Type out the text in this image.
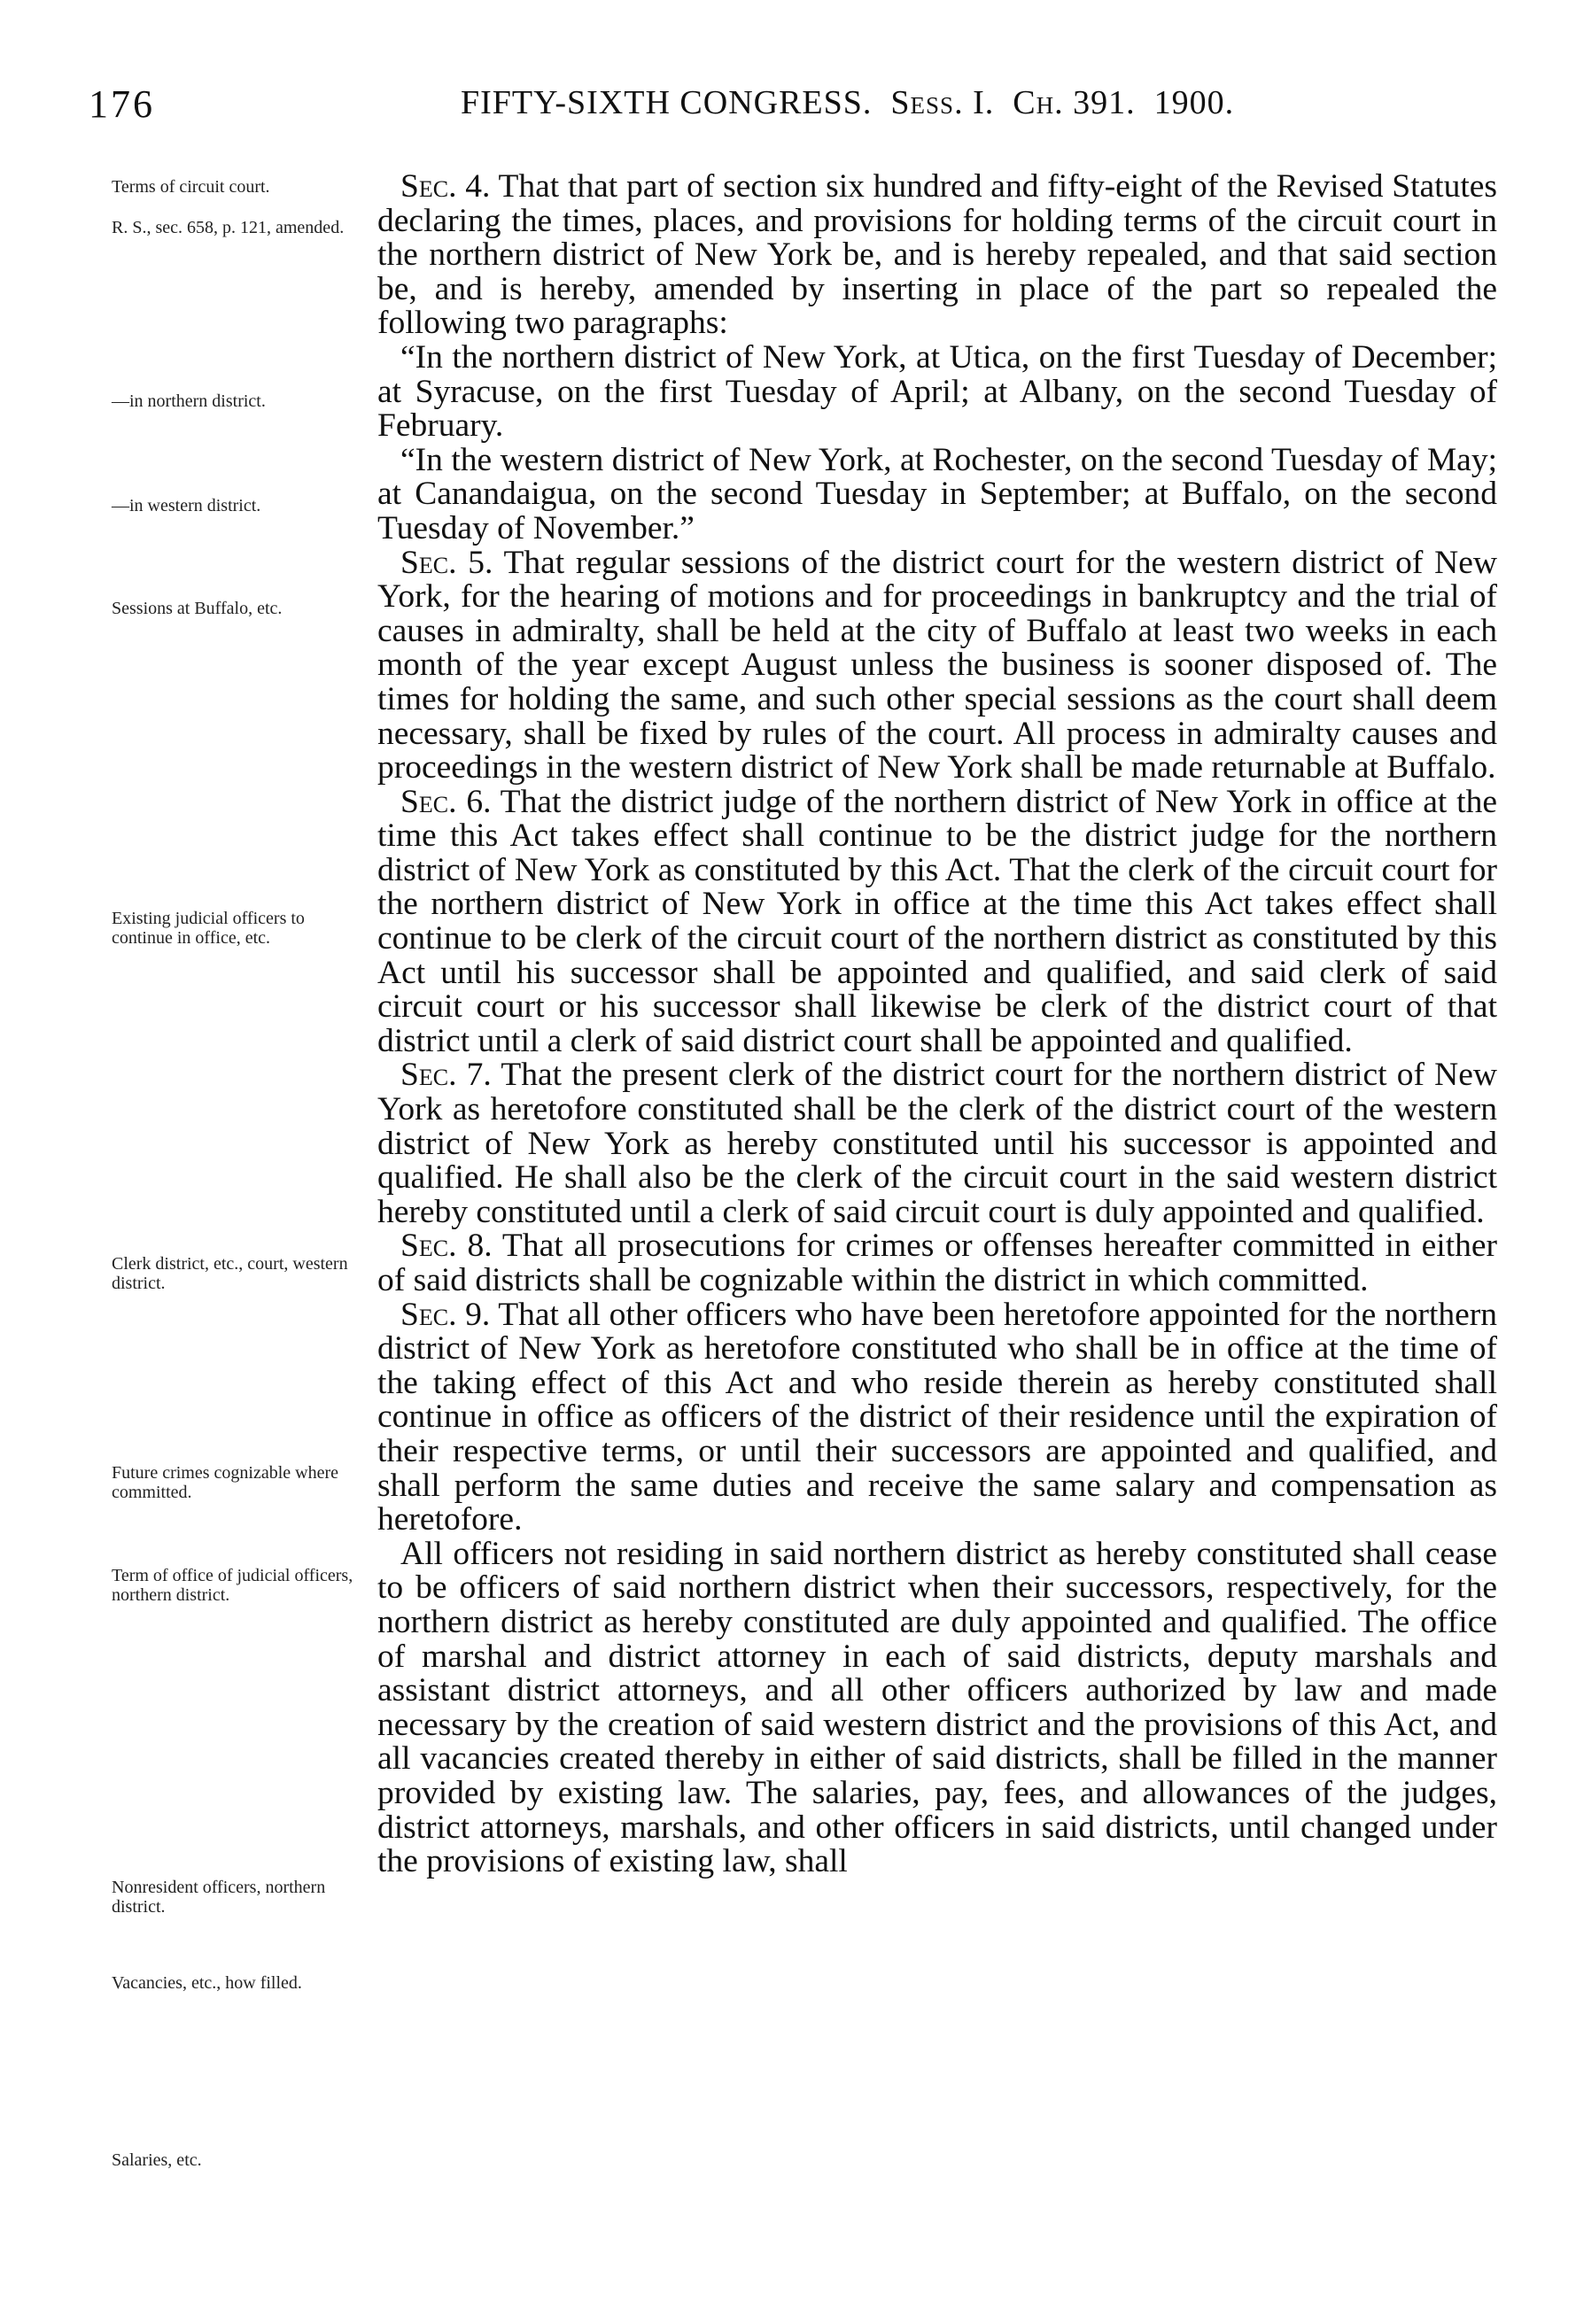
176	FIFTY-SIXTH CONGRESS. Sess. I. Ch. 391. 1900.
Terms of circuit court.
R. S., sec. 658, p. 121, amended.
—in northern district.
—in western district.
Sessions at Buffalo, etc.
Existing judicial officers to continue in office, etc.
Clerk district, etc., court, western district.
Future crimes cognizable where committed.
Term of office of judicial officers, northern district.
Nonresident officers, northern district.
Vacancies, etc., how filled.
Salaries, etc.

Sec. 4. That that part of section six hundred and fifty-eight of the Revised Statutes declaring the times, places, and provisions for holding terms of the circuit court in the northern district of New York be, and is hereby repealed, and that said section be, and is hereby, amended by inserting in place of the part so repealed the following two paragraphs:

“In the northern district of New York, at Utica, on the first Tuesday of December; at Syracuse, on the first Tuesday of April; at Albany, on the second Tuesday of February.

“In the western district of New York, at Rochester, on the second Tuesday of May; at Canandaigua, on the second Tuesday in September; at Buffalo, on the second Tuesday of November.”

Sec. 5. That regular sessions of the district court for the western district of New York, for the hearing of motions and for proceedings in bankruptcy and the trial of causes in admiralty, shall be held at the city of Buffalo at least two weeks in each month of the year except August unless the business is sooner disposed of. The times for holding the same, and such other special sessions as the court shall deem necessary, shall be fixed by rules of the court. All process in admiralty causes and proceedings in the western district of New York shall be made returnable at Buffalo.

Sec. 6. That the district judge of the northern district of New York in office at the time this Act takes effect shall continue to be the district judge for the northern district of New York as constituted by this Act. That the clerk of the circuit court for the northern district of New York in office at the time this Act takes effect shall continue to be clerk of the circuit court of the northern district as constituted by this Act until his successor shall be appointed and qualified, and said clerk of said circuit court or his successor shall likewise be clerk of the district court of that district until a clerk of said district court shall be appointed and qualified.

Sec. 7. That the present clerk of the district court for the northern district of New York as heretofore constituted shall be the clerk of the district court of the western district of New York as hereby constituted until his successor is appointed and qualified. He shall also be the clerk of the circuit court in the said western district hereby constituted until a clerk of said circuit court is duly appointed and qualified.

Sec. 8. That all prosecutions for crimes or offenses hereafter committed in either of said districts shall be cognizable within the district in which committed.

Sec. 9. That all other officers who have been heretofore appointed for the northern district of New York as heretofore constituted who shall be in office at the time of the taking effect of this Act and who reside therein as hereby constituted shall continue in office as officers of the district of their residence until the expiration of their respective terms, or until their successors are appointed and qualified, and shall perform the same duties and receive the same salary and compensation as heretofore.

All officers not residing in said northern district as hereby constituted shall cease to be officers of said northern district when their successors, respectively, for the northern district as hereby constituted are duly appointed and qualified. The office of marshal and district attorney in each of said districts, deputy marshals and assistant district attorneys, and all other officers authorized by law and made necessary by the creation of said western district and the provisions of this Act, and all vacancies created thereby in either of said districts, shall be filled in the manner provided by existing law. The salaries, pay, fees, and allowances of the judges, district attorneys, marshals, and other officers in said districts, until changed under the provisions of existing law, shall
